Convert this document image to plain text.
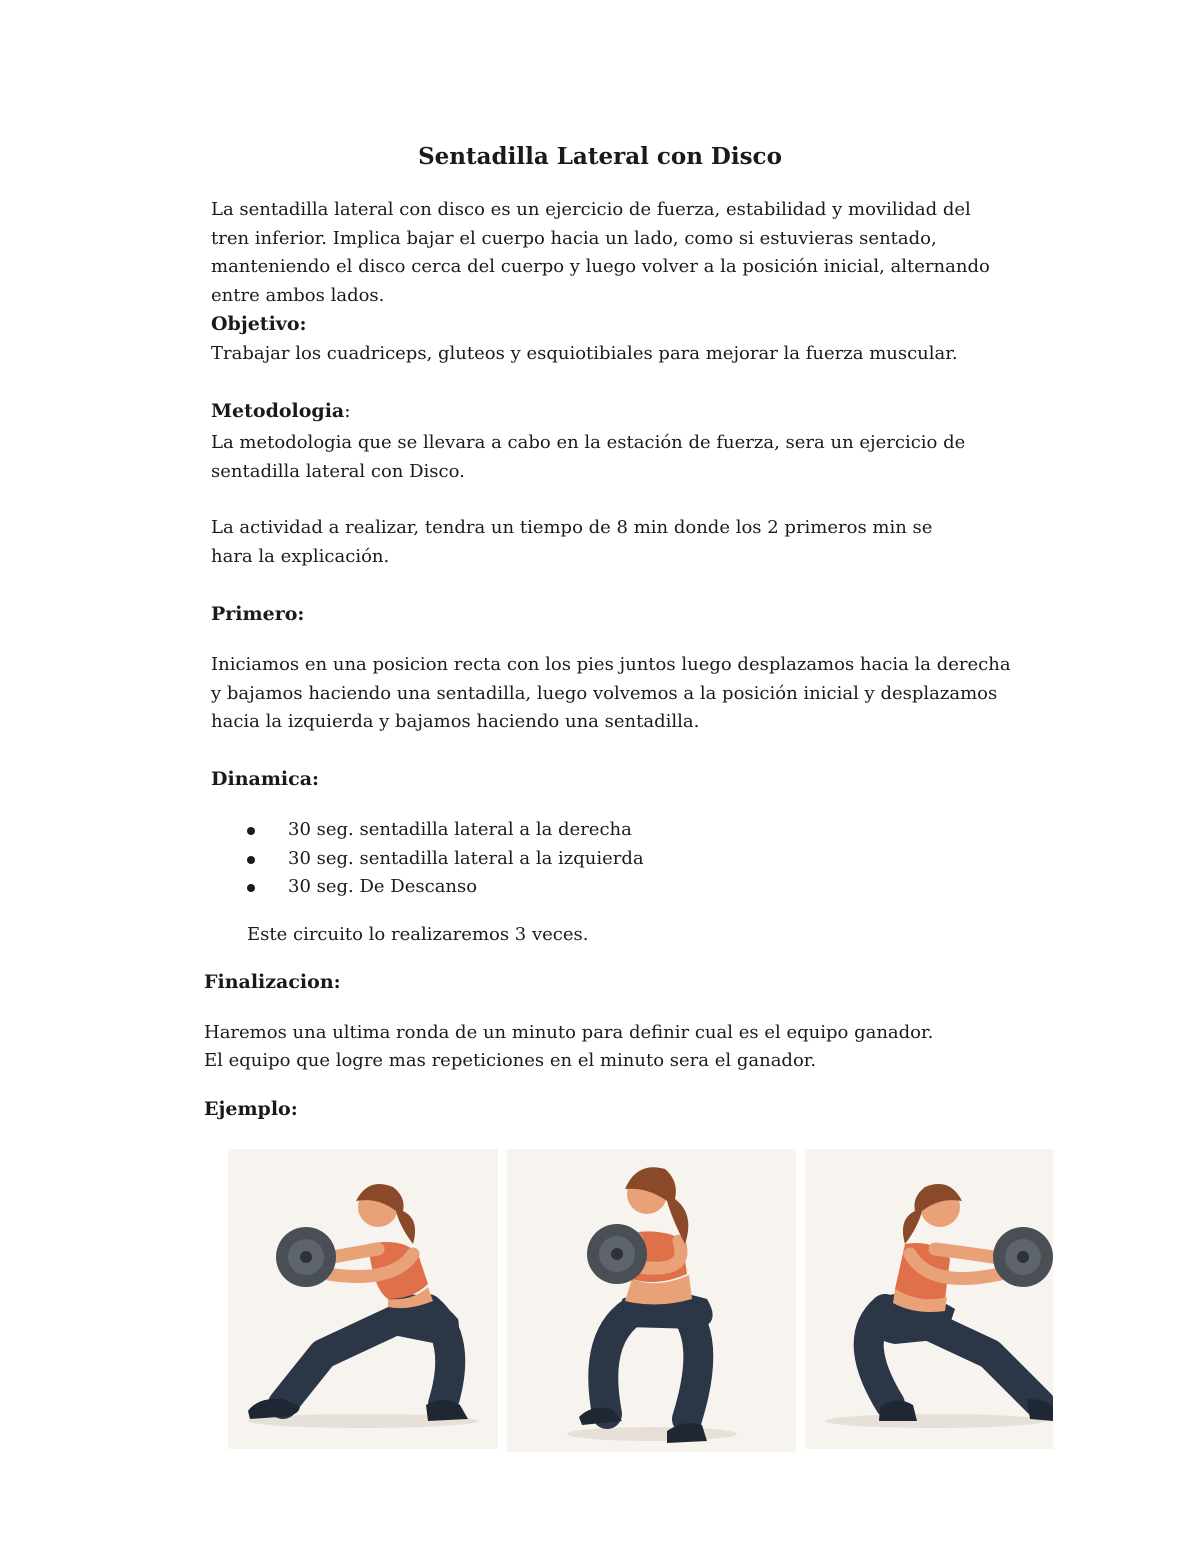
Sentadilla Lateral con Disco

La sentadilla lateral con disco es un ejercicio de fuerza, estabilidad y movilidad del tren inferior. Implica bajar el cuerpo hacia un lado, como si estuvieras sentado, manteniendo el disco cerca del cuerpo y luego volver a la posición inicial, alternando entre ambos lados.

Objetivo:

Trabajar los cuadriceps, gluteos y esquiotibiales para mejorar la fuerza muscular.

Metodologia:

La metodologia que se llevara a cabo en la estación de fuerza, sera un ejercicio de sentadilla lateral con Disco.

La actividad a realizar, tendra un tiempo de 8 min donde los 2 primeros min se hara la explicación.

Primero:

Iniciamos en una posicion recta con los pies juntos luego desplazamos hacia la derecha y bajamos haciendo una sentadilla, luego volvemos a la posición inicial y desplazamos hacia la izquierda y bajamos haciendo una sentadilla.

Dinamica:
30 seg. sentadilla lateral a la derecha
30 seg. sentadilla lateral a la izquierda
30 seg. De Descanso

Este circuito lo realizaremos 3 veces.

Finalizacion:

Haremos una ultima ronda de un minuto para definir cual es el equipo ganador.

El equipo que logre mas repeticiones en el minuto sera el ganador.

Ejemplo:
